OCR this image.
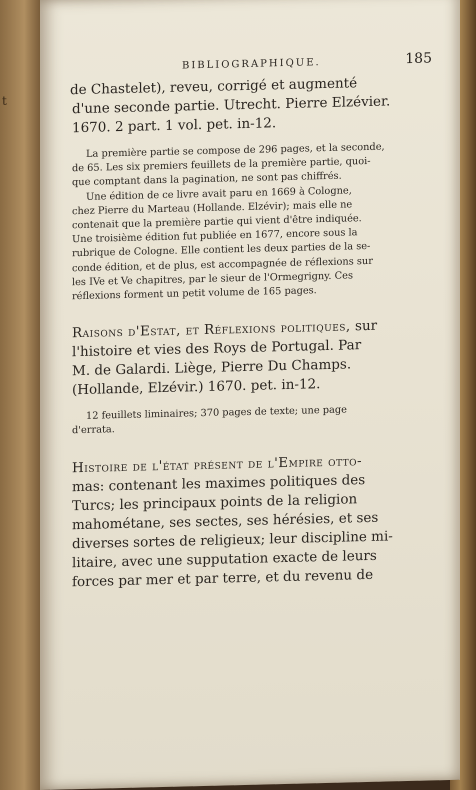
t
BIBLIOGRAPHIQUE.	185

de Chastelet), reveu, corrigé et augmenté

d'une seconde partie. Utrecht. Pierre Elzévier.

1670. 2 part. 1 vol. pet. in-12.

La première partie se compose de 296 pages, et la seconde,

de 65. Les six premiers feuillets de la première partie, quoi-

que comptant dans la pagination, ne sont pas chiffrés.

Une édition de ce livre avait paru en 1669 à Cologne,

chez Pierre du Marteau (Hollande. Elzévir); mais elle ne

contenait que la première partie qui vient d'être indiquée.

Une troisième édition fut publiée en 1677, encore sous la

rubrique de Cologne. Elle contient les deux parties de la se-

conde édition, et de plus, est accompagnée de réflexions sur

les IVe et Ve chapitres, par le sieur de l'Ormegrigny. Ces

réflexions forment un petit volume de 165 pages.

Raisons d'Estat, et Réflexions politiques, sur

l'histoire et vies des Roys de Portugal. Par

M. de Galardi. Liège, Pierre Du Champs.

(Hollande, Elzévir.) 1670. pet. in-12.

12 feuillets liminaires; 370 pages de texte; une page

d'errata.

Histoire de l'état présent de l'Empire otto-

mas: contenant les maximes politiques des

Turcs; les principaux points de la religion

mahométane, ses sectes, ses hérésies, et ses

diverses sortes de religieux; leur discipline mi-

litaire, avec une supputation exacte de leurs

forces par mer et par terre, et du revenu de
